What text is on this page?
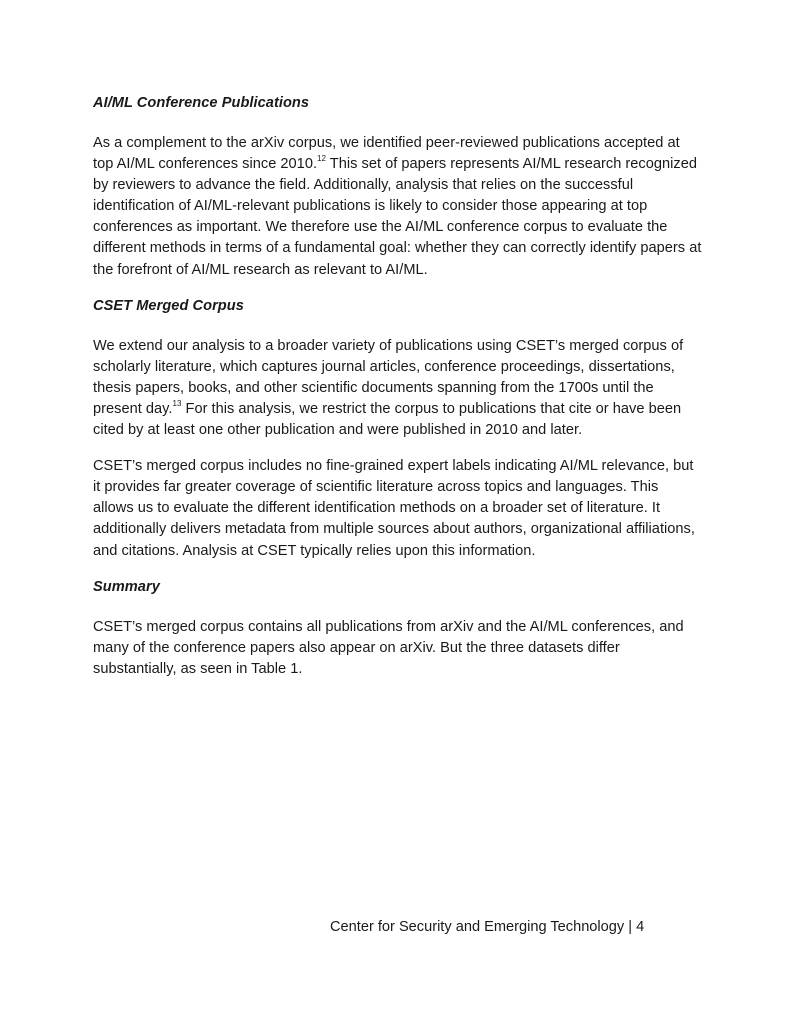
AI/ML Conference Publications

As a complement to the arXiv corpus, we identified peer-reviewed publications accepted at top AI/ML conferences since 2010.12 This set of papers represents AI/ML research recognized by reviewers to advance the field. Additionally, analysis that relies on the successful identification of AI/ML-relevant publications is likely to consider those appearing at top conferences as important. We therefore use the AI/ML conference corpus to evaluate the different methods in terms of a fundamental goal: whether they can correctly identify papers at the forefront of AI/ML research as relevant to AI/ML.

CSET Merged Corpus

We extend our analysis to a broader variety of publications using CSET’s merged corpus of scholarly literature, which captures journal articles, conference proceedings, dissertations, thesis papers, books, and other scientific documents spanning from the 1700s until the present day.$^{13}$ For this analysis, we restrict the corpus to publications that cite or have been cited by at least one other publication and were published in 2010 and later.

CSET’s merged corpus includes no fine-grained expert labels indicating AI/ML relevance, but it provides far greater coverage of scientific literature across topics and languages. This allows us to evaluate the different identification methods on a broader set of literature. It additionally delivers metadata from multiple sources about authors, organizational affiliations, and citations. Analysis at CSET typically relies upon this information.

Summary

CSET’s merged corpus contains all publications from arXiv and the AI/ML conferences, and many of the conference papers also appear on arXiv. But the three datasets differ substantially, as seen in Table 1.

Center for Security and Emerging Technology | 4
